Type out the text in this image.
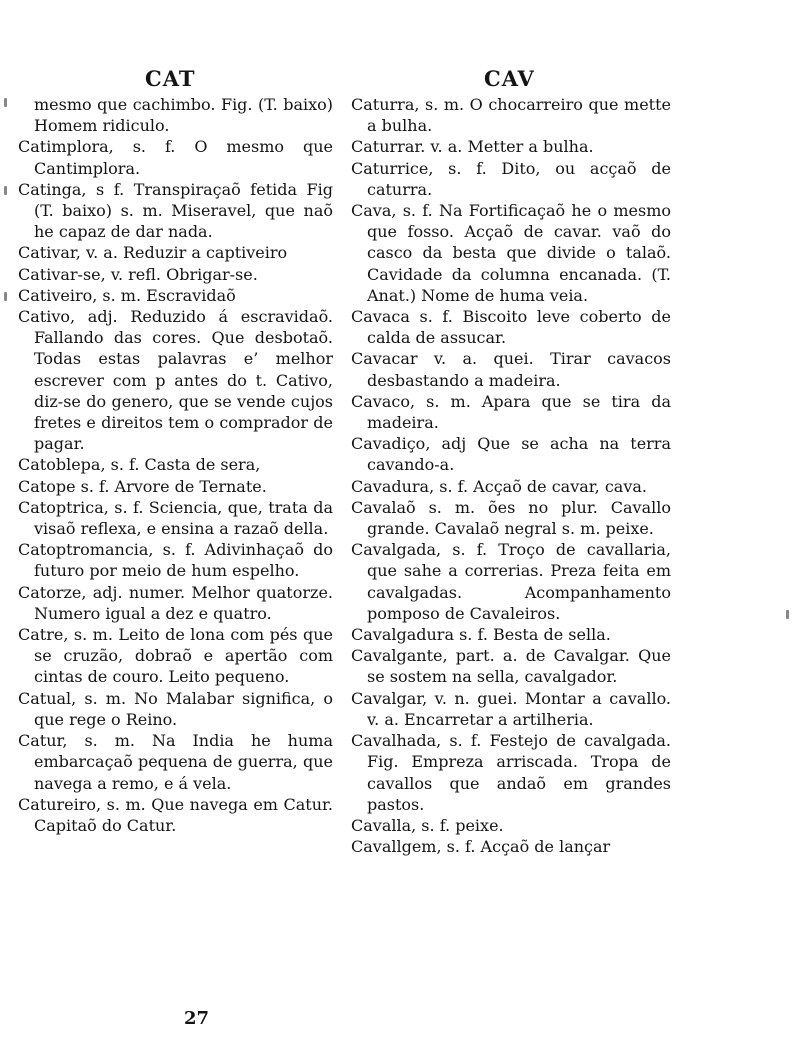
CAT	CAV

mesmo que cachimbo. Fig. (T. baixo) Homem ridiculo.

Catimplora, s. f. O mesmo que Cantimplora.

Catinga, s f. Transpiraçaõ fetida Fig (T. baixo) s. m. Miseravel, que naõ he capaz de dar nada.

Cativar, v. a. Reduzir a captiveiro

Cativar-se, v. refl. Obrigar-se.

Cativeiro, s. m. Escravidaõ

Cativo, adj. Reduzido á escravidaõ. Fallando das cores. Que desbotaõ. Todas estas palavras e’ melhor escrever com p antes do t. Cativo, diz-se do genero, que se vende cujos fretes e direitos tem o comprador de pagar.

Catoblepa, s. f. Casta de sera,

Catope s. f. Arvore de Ternate.

Catoptrica, s. f. Sciencia, que, trata da visaõ reflexa, e ensina a razaõ della.

Catoptromancia, s. f. Adivinhaçaõ do futuro por meio de hum espelho.

Catorze, adj. numer. Melhor quatorze. Numero igual a dez e quatro.

Catre, s. m. Leito de lona com pés que se cruzão, dobraõ e apertão com cintas de couro. Leito pequeno.

Catual, s. m. No Malabar significa, o que rege o Reino.

Catur, s. m. Na India he huma embarcaçaõ pequena de guerra, que navega a remo, e á vela.

Catureiro, s. m. Que navega em Catur. Capitaõ do Catur.

Caturra, s. m. O chocarreiro que mette a bulha.

Caturrar. v. a. Metter a bulha.

Caturrice, s. f. Dito, ou acçaõ de caturra.

Cava, s. f. Na Fortificaçaõ he o mesmo que fosso. Acçaõ de cavar. vaõ do casco da besta que divide o talaõ. Cavidade da columna encanada. (T. Anat.) Nome de huma veia.

Cavaca s. f. Biscoito leve coberto de calda de assucar.

Cavacar v. a. quei. Tirar cavacos desbastando a madeira.

Cavaco, s. m. Apara que se tira da madeira.

Cavadiço, adj Que se acha na terra cavando-a.

Cavadura, s. f. Acçaõ de cavar, cava.

Cavalaõ s. m. ões no plur. Cavallo grande. Cavalaõ negral s. m. peixe.

Cavalgada, s. f. Troço de cavallaria, que sahe a correrias. Preza feita em cavalgadas. Acompanhamento pomposo de Cavaleiros.

Cavalgadura s. f. Besta de sella.

Cavalgante, part. a. de Cavalgar. Que se sostem na sella, cavalgador.

Cavalgar, v. n. guei. Montar a cavallo. v. a. Encarretar a artilheria.

Cavalhada, s. f. Festejo de cavalgada. Fig. Empreza arriscada. Tropa de cavallos que andaõ em grandes pastos.

Cavalla, s. f. peixe.

Cavallgem, s. f. Acçaõ de lançar

27
